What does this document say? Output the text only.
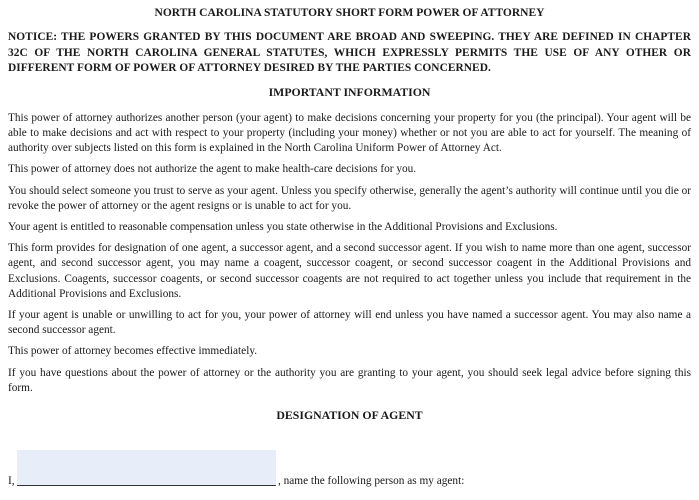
NORTH CAROLINA STATUTORY SHORT FORM POWER OF ATTORNEY
NOTICE: THE POWERS GRANTED BY THIS DOCUMENT ARE BROAD AND SWEEPING. THEY ARE DEFINED IN CHAPTER 32C OF THE NORTH CAROLINA GENERAL STATUTES, WHICH EXPRESSLY PERMITS THE USE OF ANY OTHER OR DIFFERENT FORM OF POWER OF ATTORNEY DESIRED BY THE PARTIES CONCERNED.
IMPORTANT INFORMATION

This power of attorney authorizes another person (your agent) to make decisions concerning your property for you (the principal). Your agent will be able to make decisions and act with respect to your property (including your money) whether or not you are able to act for yourself. The meaning of authority over subjects listed on this form is explained in the North Carolina Uniform Power of Attorney Act.

This power of attorney does not authorize the agent to make health-care decisions for you.

You should select someone you trust to serve as your agent. Unless you specify otherwise, generally the agent’s authority will continue until you die or revoke the power of attorney or the agent resigns or is unable to act for you.

Your agent is entitled to reasonable compensation unless you state otherwise in the Additional Provisions and Exclusions.

This form provides for designation of one agent, a successor agent, and a second successor agent. If you wish to name more than one agent, successor agent, and second successor agent, you may name a coagent, successor coagent, or second successor coagent in the Additional Provisions and Exclusions. Coagents, successor coagents, or second successor coagents are not required to act together unless you include that requirement in the Additional Provisions and Exclusions.

If your agent is unable or unwilling to act for you, your power of attorney will end unless you have named a successor agent. You may also name a second successor agent.

This power of attorney becomes effective immediately.

If you have questions about the power of attorney or the authority you are granting to your agent, you should seek legal advice before signing this form.

DESIGNATION OF AGENT
I,	, name the following person as my agent:
